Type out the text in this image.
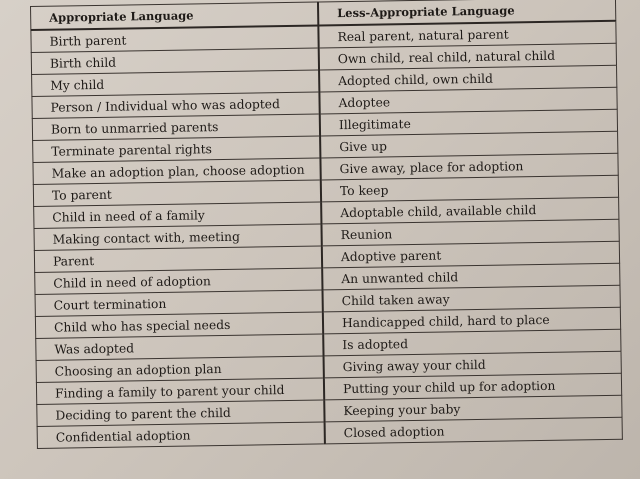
Appropriate Language	Less-Appropriate Language
Birth parent	Real parent, natural parent
Birth child	Own child, real child, natural child
My child	Adopted child, own child
Person / Individual who was adopted	Adoptee
Born to unmarried parents	Illegitimate
Terminate parental rights	Give up
Make an adoption plan, choose adoption	Give away, place for adoption
To parent	To keep
Child in need of a family	Adoptable child, available child
Making contact with, meeting	Reunion
Parent	Adoptive parent
Child in need of adoption	An unwanted child
Court termination	Child taken away
Child who has special needs	Handicapped child, hard to place
Was adopted	Is adopted
Choosing an adoption plan	Giving away your child
Finding a family to parent your child	Putting your child up for adoption
Deciding to parent the child	Keeping your baby
Confidential adoption	Closed adoption
